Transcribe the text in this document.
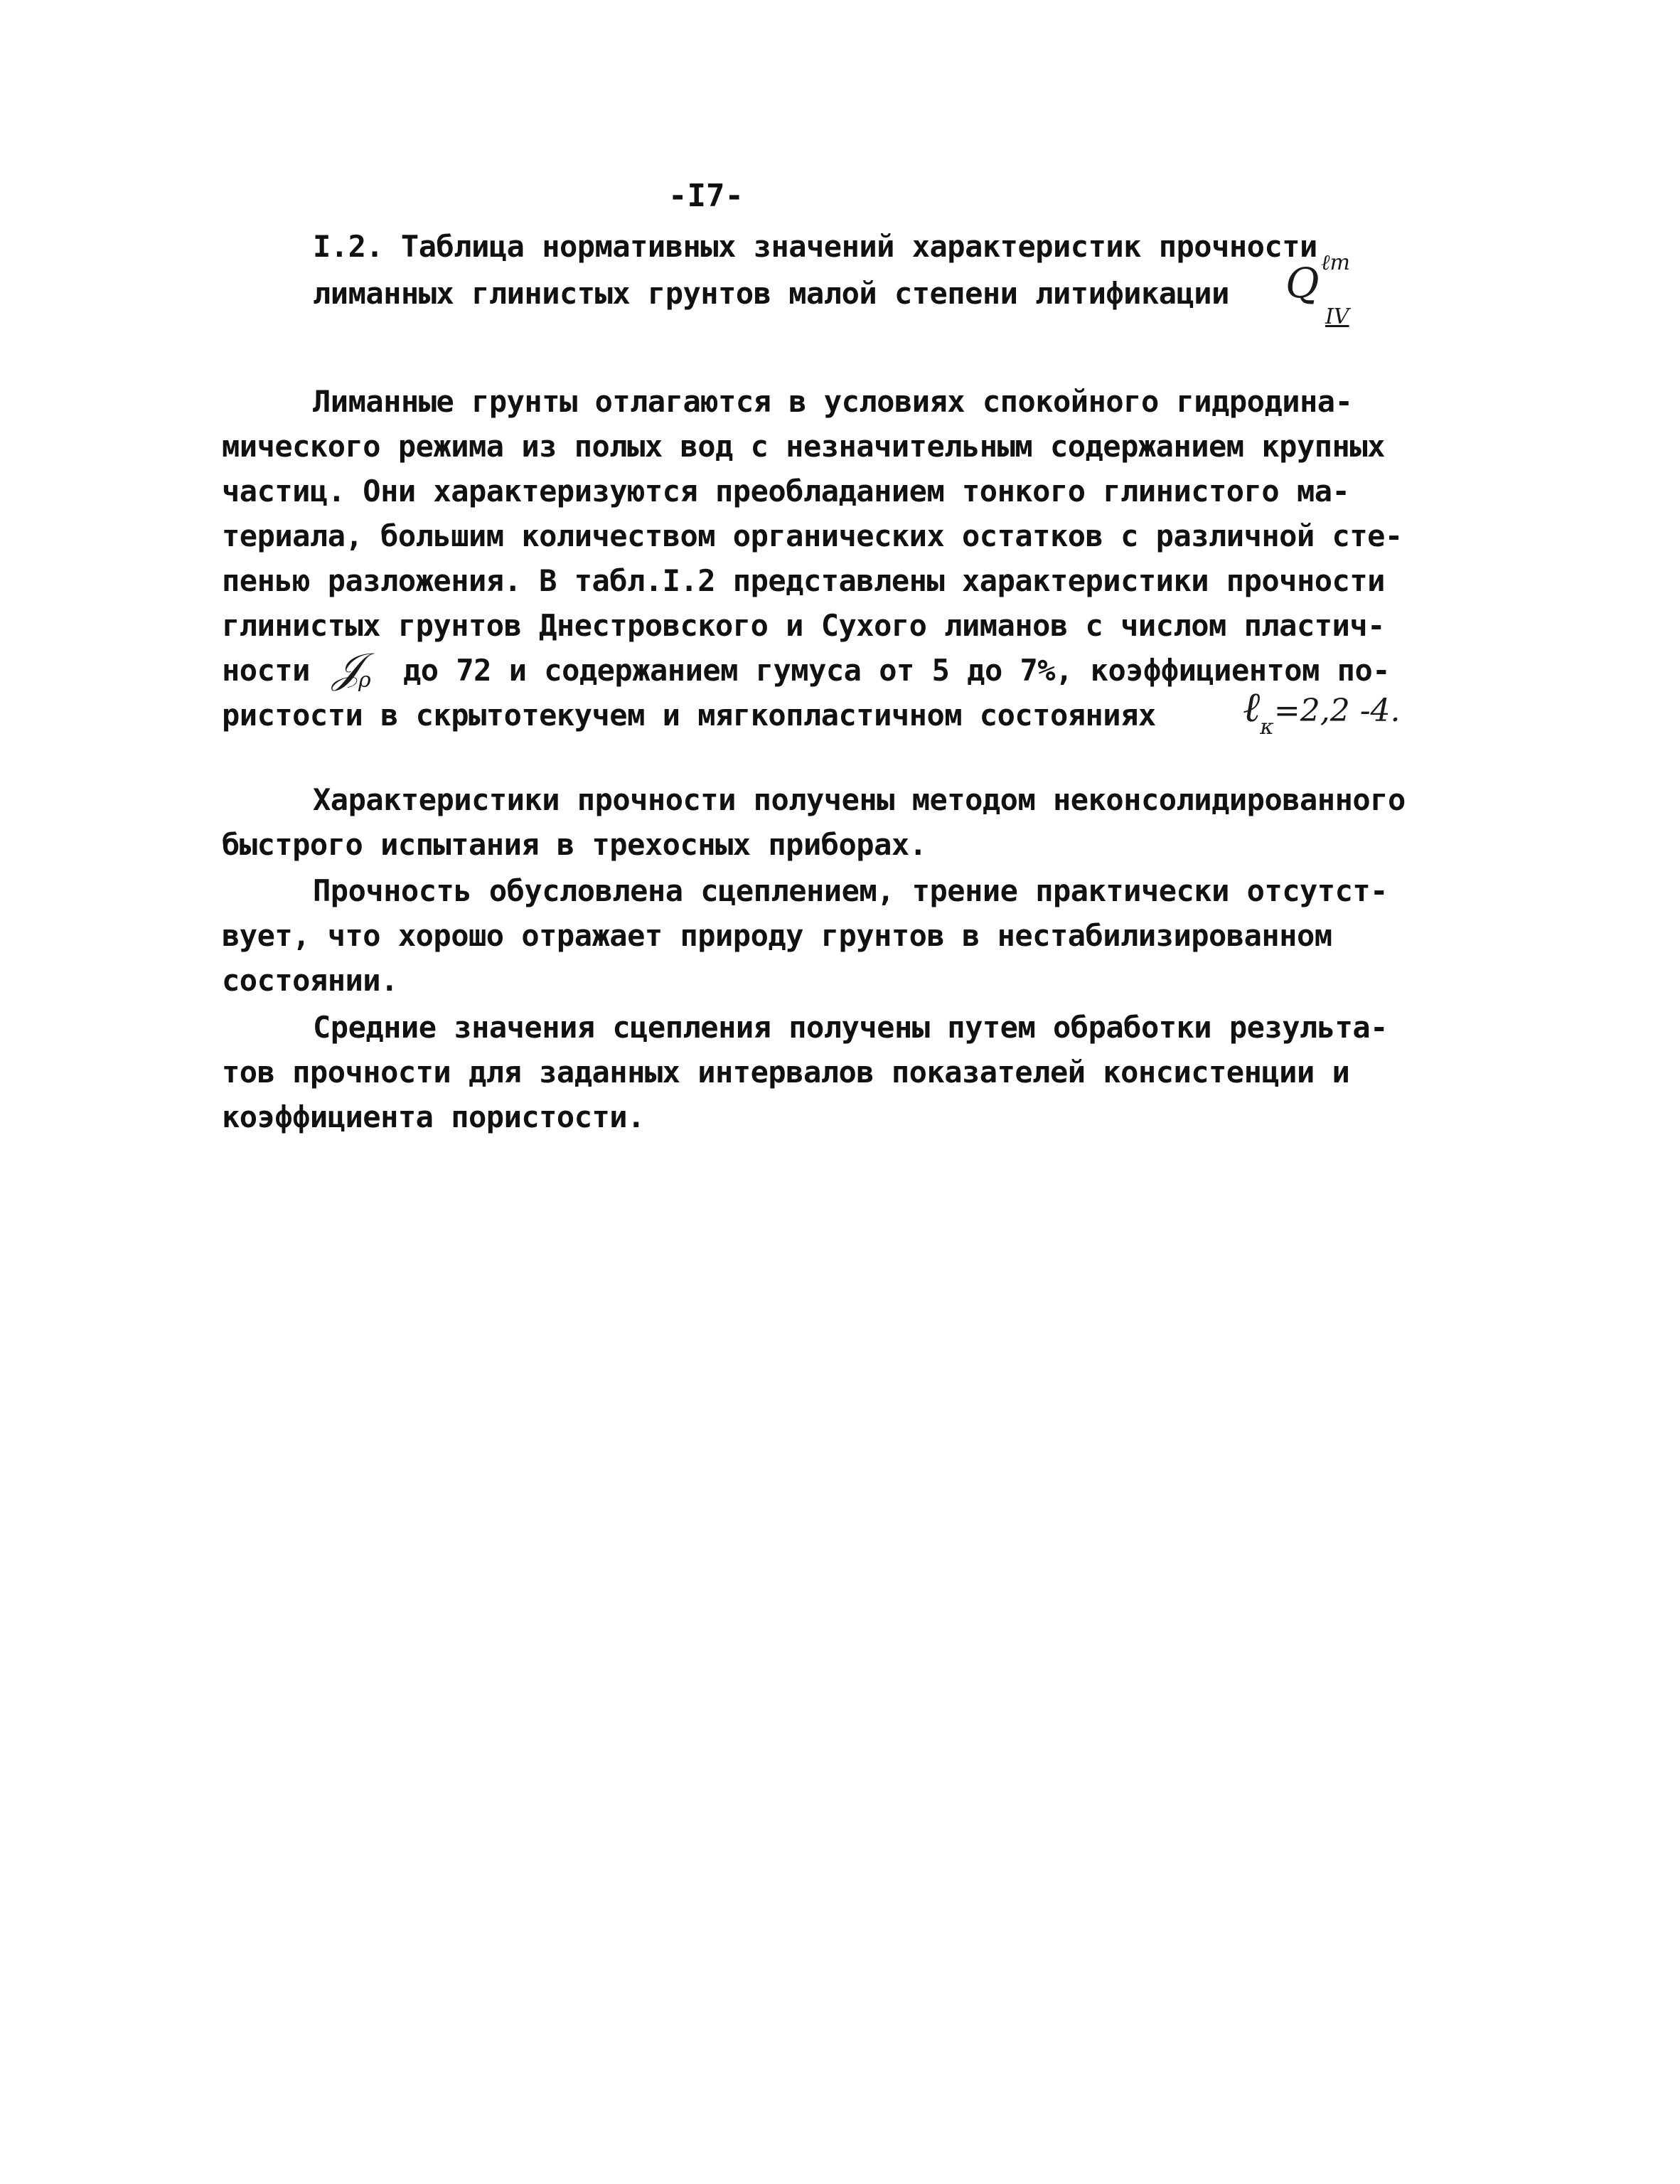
-I7-
I.2. Таблица нормативных значений характеристик прочности
лиманных глинистых грунтов малой степени литификации Q ℓm
IV
Лиманные грунты отлагаются в условиях спокойного гидродина-
мического режима из полых вод с незначительным содержанием крупных
частиц. Они характеризуются преобладанием тонкого глинистого ма-
териала, большим количеством органических остатков с различной сте-
пенью разложения. В табл.I.2 представлены характеристики прочности
глинистых грунтов Днестровского и Сухого лиманов с числом пластич-
ности 𝒥
ρ до 72 и содержанием гумуса от 5 до 7%, коэффициентом по-
ристости в скрытотекучем и мягкопластичном состояниях ℓκ=2,2 -4.
Характеристики прочности получены методом неконсолидированного
быстрого испытания в трехосных приборах.
Прочность обусловлена сцеплением, трение практически отсутст-
вует, что хорошо отражает природу грунтов в нестабилизированном
состоянии.
Средние значения сцепления получены путем обработки результа-
тов прочности для заданных интервалов показателей консистенции и
коэффициента пористости.
